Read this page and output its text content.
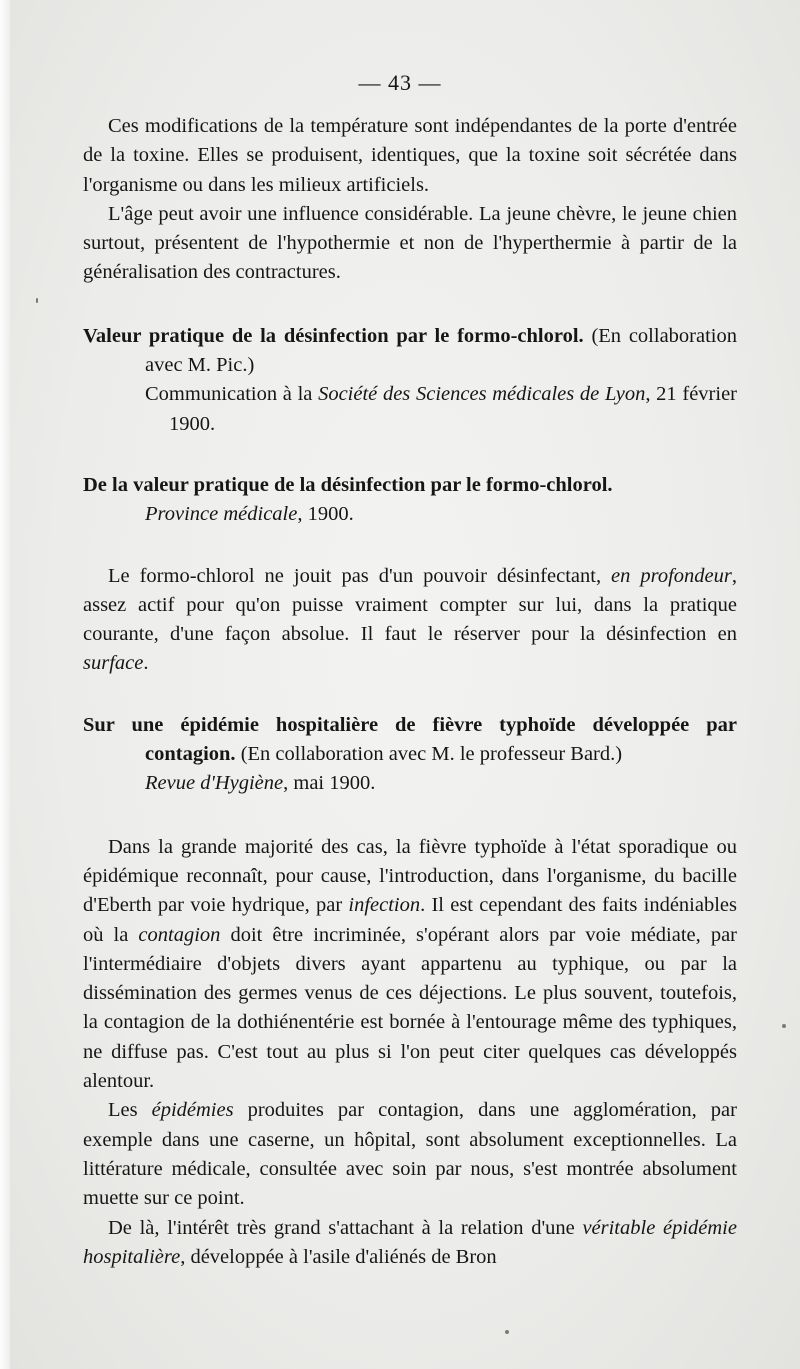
— 43 —

Ces modifications de la température sont indépendantes de la porte d'entrée de la toxine. Elles se produisent, identiques, que la toxine soit sécrétée dans l'organisme ou dans les milieux artificiels.

L'âge peut avoir une influence considérable. La jeune chèvre, le jeune chien surtout, présentent de l'hypothermie et non de l'hyperthermie à partir de la généralisation des contractures.

Valeur pratique de la désinfection par le formo-chlorol. (En collaboration avec M. Pic.)

Communication à la Société des Sciences médicales de Lyon, 21 février 1900.

De la valeur pratique de la désinfection par le formo-chlorol.

Province médicale, 1900.

Le formo-chlorol ne jouit pas d'un pouvoir désinfectant, en profondeur, assez actif pour qu'on puisse vraiment compter sur lui, dans la pratique courante, d'une façon absolue. Il faut le réserver pour la désinfection en surface.

Sur une épidémie hospitalière de fièvre typhoïde développée par contagion. (En collaboration avec M. le professeur Bard.)

Revue d'Hygiène, mai 1900.

Dans la grande majorité des cas, la fièvre typhoïde à l'état sporadique ou épidémique reconnaît, pour cause, l'introduction, dans l'organisme, du bacille d'Eberth par voie hydrique, par infection. Il est cependant des faits indéniables où la contagion doit être incriminée, s'opérant alors par voie médiate, par l'intermédiaire d'objets divers ayant appartenu au typhique, ou par la dissémination des germes venus de ces déjections. Le plus souvent, toutefois, la contagion de la dothiénentérie est bornée à l'entourage même des typhiques, ne diffuse pas. C'est tout au plus si l'on peut citer quelques cas développés alentour.

Les épidémies produites par contagion, dans une agglomération, par exemple dans une caserne, un hôpital, sont absolument exceptionnelles. La littérature médicale, consultée avec soin par nous, s'est montrée absolument muette sur ce point.

De là, l'intérêt très grand s'attachant à la relation d'une véritable épidémie hospitalière, développée à l'asile d'aliénés de Bron
